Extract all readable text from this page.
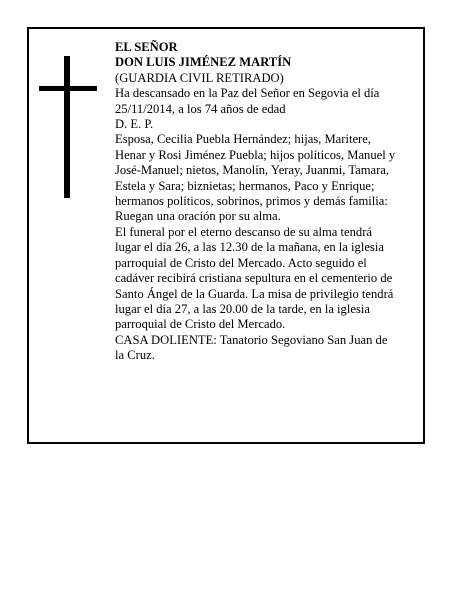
EL SEÑOR
DON LUIS JIMÉNEZ MARTÍN
(GUARDIA CIVIL RETIRADO)
Ha descansado en la Paz del Señor en Segovia el día
25/11/2014, a los 74 años de edad
D. E. P.
Esposa, Cecilia Puebla Hernández; hijas, Maritere,
Henar y Rosi Jiménez Puebla; hijos políticos, Manuel y
José-Manuel; nietos, Manolín, Yeray, Juanmi, Tamara,
Estela y Sara; biznietas; hermanos, Paco y Enrique;
hermanos políticos, sobrinos, primos y demás familia:
Ruegan una oración por su alma.
El funeral por el eterno descanso de su alma tendrá
lugar el día 26, a las 12.30 de la mañana, en la iglesia
parroquial de Cristo del Mercado. Acto seguido el
cadáver recibirá cristiana sepultura en el cementerio de
Santo Ángel de la Guarda. La misa de privilegio tendrá
lugar el día 27, a las 20.00 de la tarde, en la iglesia
parroquial de Cristo del Mercado.
CASA DOLIENTE: Tanatorio Segoviano San Juan de
la Cruz.
